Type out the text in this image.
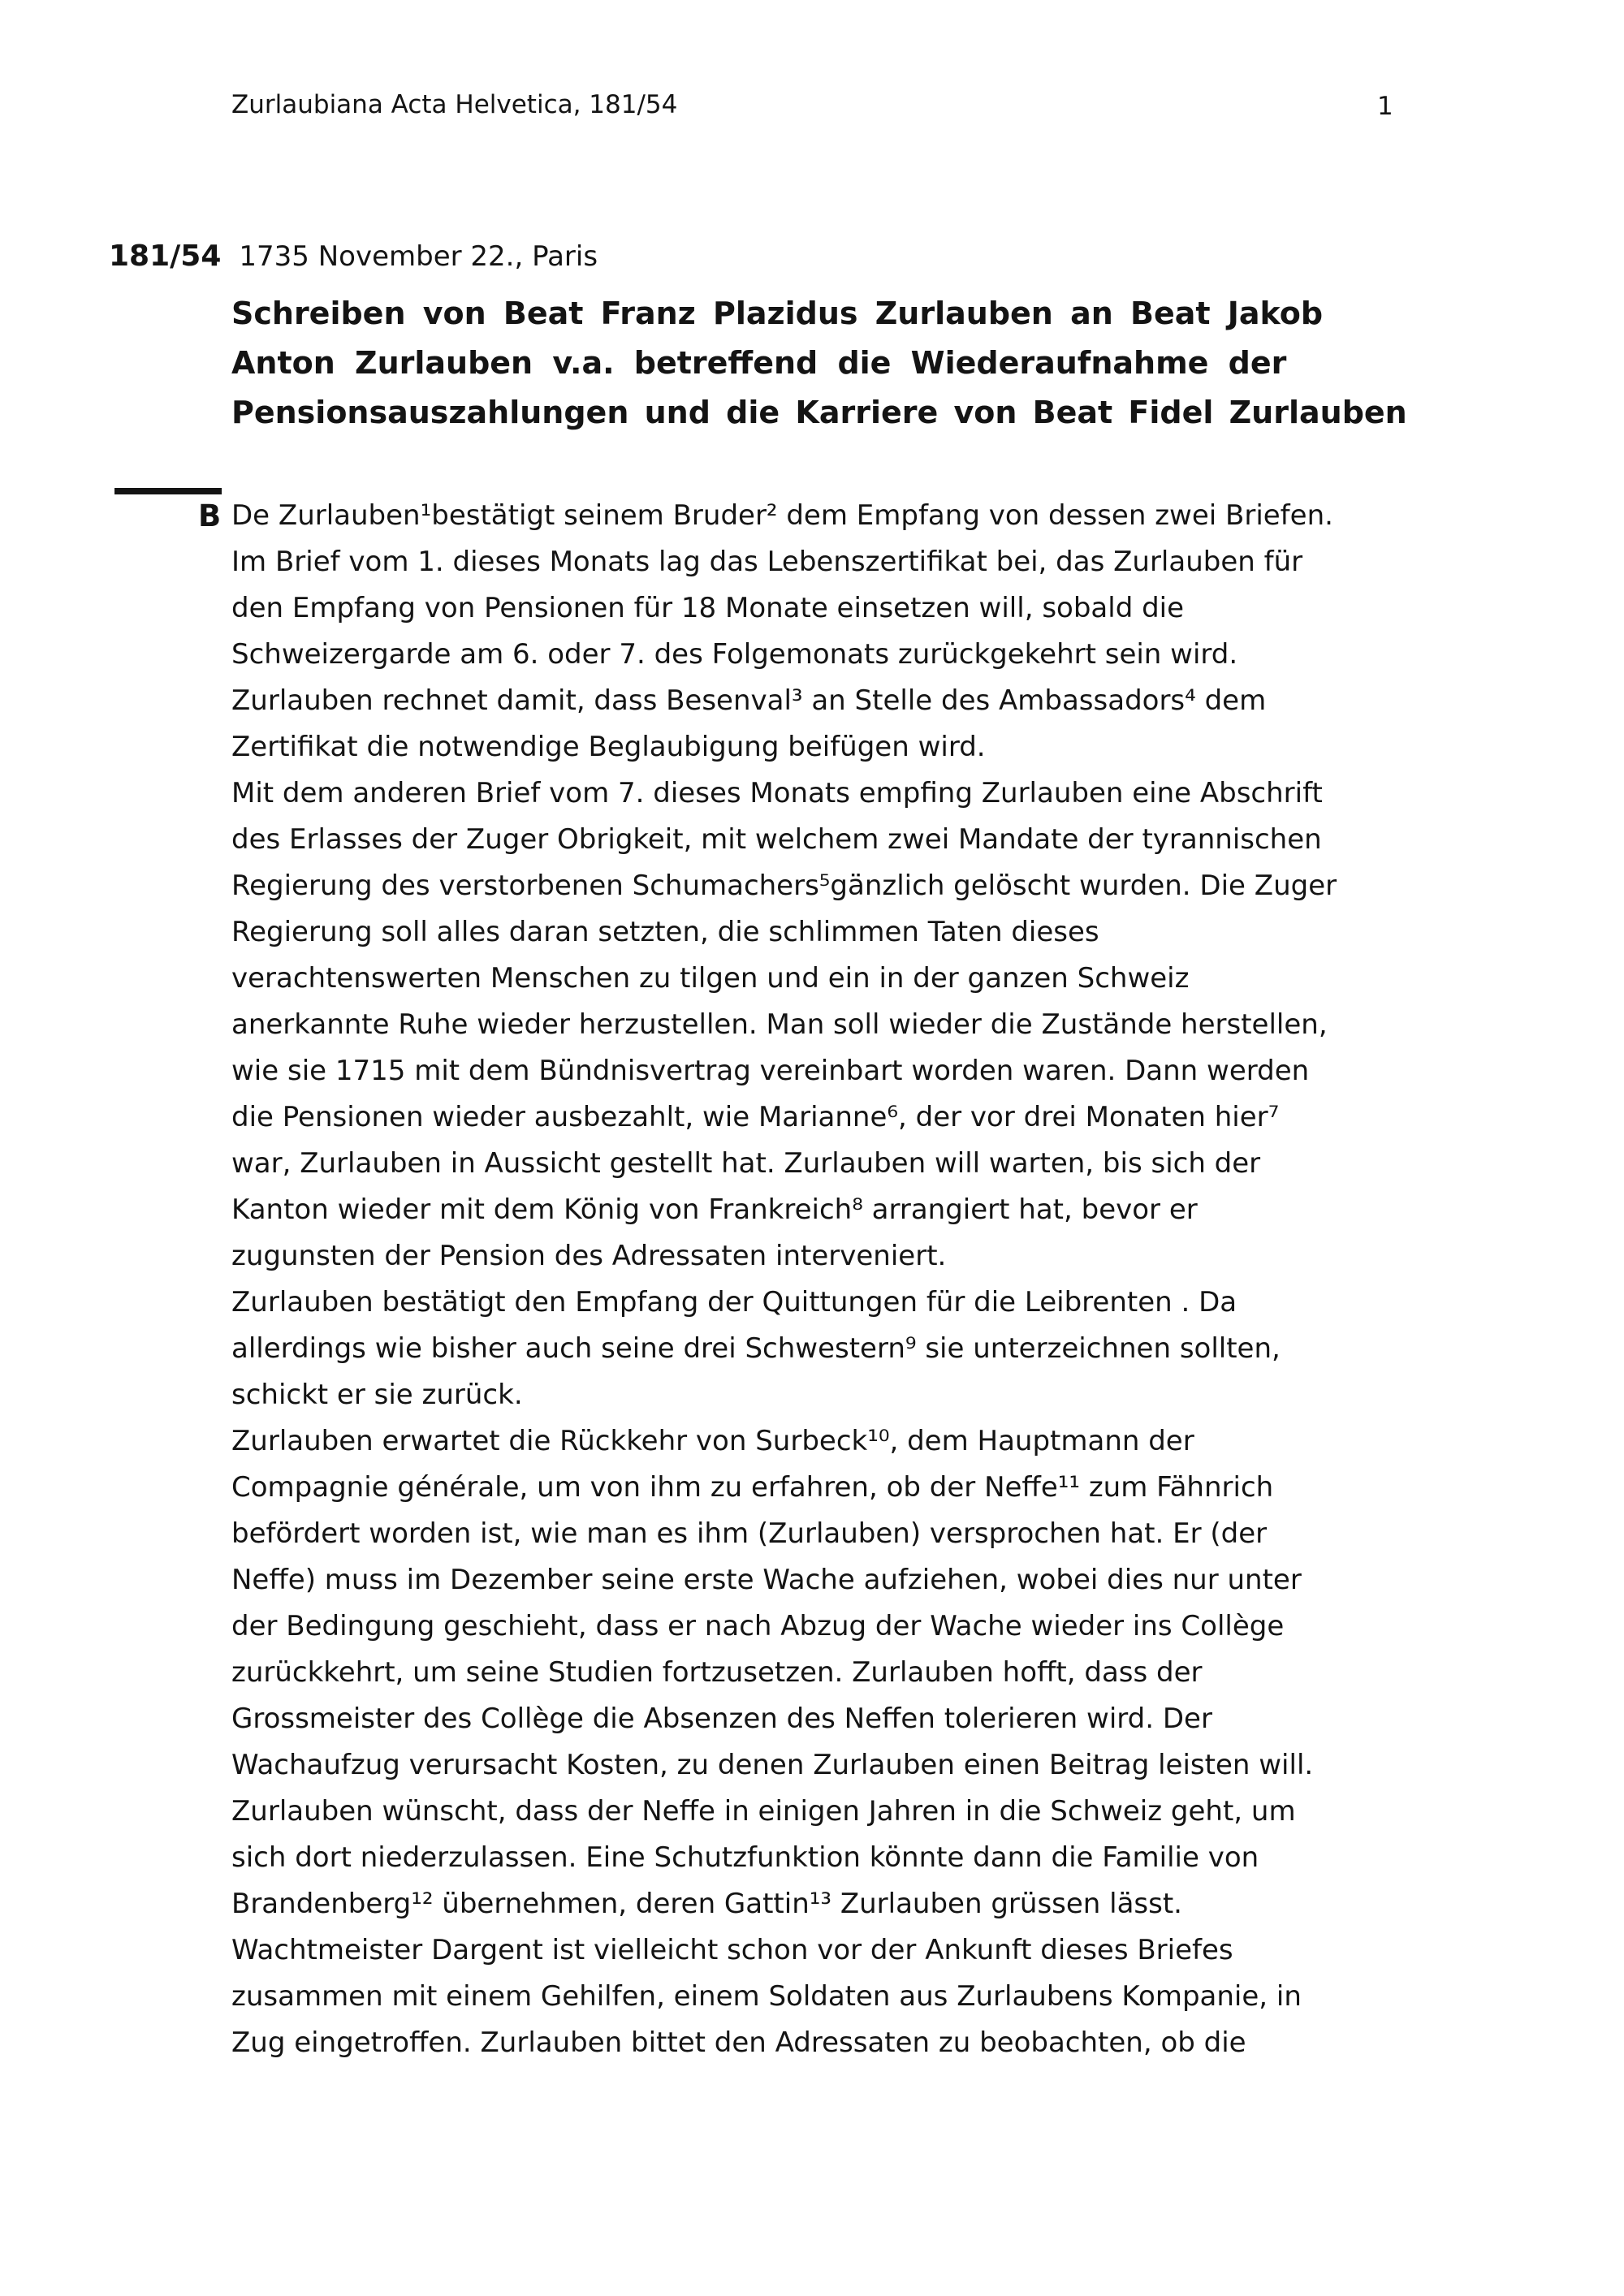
Zurlaubiana Acta Helvetica, 181/54	1
181/54 1735 November 22., Paris
Schreiben von Beat Franz Plazidus Zurlauben an Beat Jakob
Anton Zurlauben v.a. betreffend die Wiederaufnahme der
Pensionsauszahlungen und die Karriere von Beat Fidel Zurlauben
B De Zurlauben¹bestätigt seinem Bruder² dem Empfang von dessen zwei Briefen.
Im Brief vom 1. dieses Monats lag das Lebenszertifikat bei, das Zurlauben für
den Empfang von Pensionen für 18 Monate einsetzen will, sobald die
Schweizergarde am 6. oder 7. des Folgemonats zurückgekehrt sein wird.
Zurlauben rechnet damit, dass Besenval³ an Stelle des Ambassadors⁴ dem
Zertifikat die notwendige Beglaubigung beifügen wird.
Mit dem anderen Brief vom 7. dieses Monats empfing Zurlauben eine Abschrift
des Erlasses der Zuger Obrigkeit, mit welchem zwei Mandate der tyrannischen
Regierung des verstorbenen Schumachers⁵gänzlich gelöscht wurden. Die Zuger
Regierung soll alles daran setzten, die schlimmen Taten dieses
verachtenswerten Menschen zu tilgen und ein in der ganzen Schweiz
anerkannte Ruhe wieder herzustellen. Man soll wieder die Zustände herstellen,
wie sie 1715 mit dem Bündnisvertrag vereinbart worden waren. Dann werden
die Pensionen wieder ausbezahlt, wie Marianne⁶, der vor drei Monaten hier⁷
war, Zurlauben in Aussicht gestellt hat. Zurlauben will warten, bis sich der
Kanton wieder mit dem König von Frankreich⁸ arrangiert hat, bevor er
zugunsten der Pension des Adressaten interveniert.
Zurlauben bestätigt den Empfang der Quittungen für die Leibrenten . Da
allerdings wie bisher auch seine drei Schwestern⁹ sie unterzeichnen sollten,
schickt er sie zurück.
Zurlauben erwartet die Rückkehr von Surbeck¹⁰, dem Hauptmann der
Compagnie générale, um von ihm zu erfahren, ob der Neffe¹¹ zum Fähnrich
befördert worden ist, wie man es ihm (Zurlauben) versprochen hat. Er (der
Neffe) muss im Dezember seine erste Wache aufziehen, wobei dies nur unter
der Bedingung geschieht, dass er nach Abzug der Wache wieder ins Collège
zurückkehrt, um seine Studien fortzusetzen. Zurlauben hofft, dass der
Grossmeister des Collège die Absenzen des Neffen tolerieren wird. Der
Wachaufzug verursacht Kosten, zu denen Zurlauben einen Beitrag leisten will.
Zurlauben wünscht, dass der Neffe in einigen Jahren in die Schweiz geht, um
sich dort niederzulassen. Eine Schutzfunktion könnte dann die Familie von
Brandenberg¹² übernehmen, deren Gattin¹³ Zurlauben grüssen lässt.
Wachtmeister Dargent ist vielleicht schon vor der Ankunft dieses Briefes
zusammen mit einem Gehilfen, einem Soldaten aus Zurlaubens Kompanie, in
Zug eingetroffen. Zurlauben bittet den Adressaten zu beobachten, ob die
